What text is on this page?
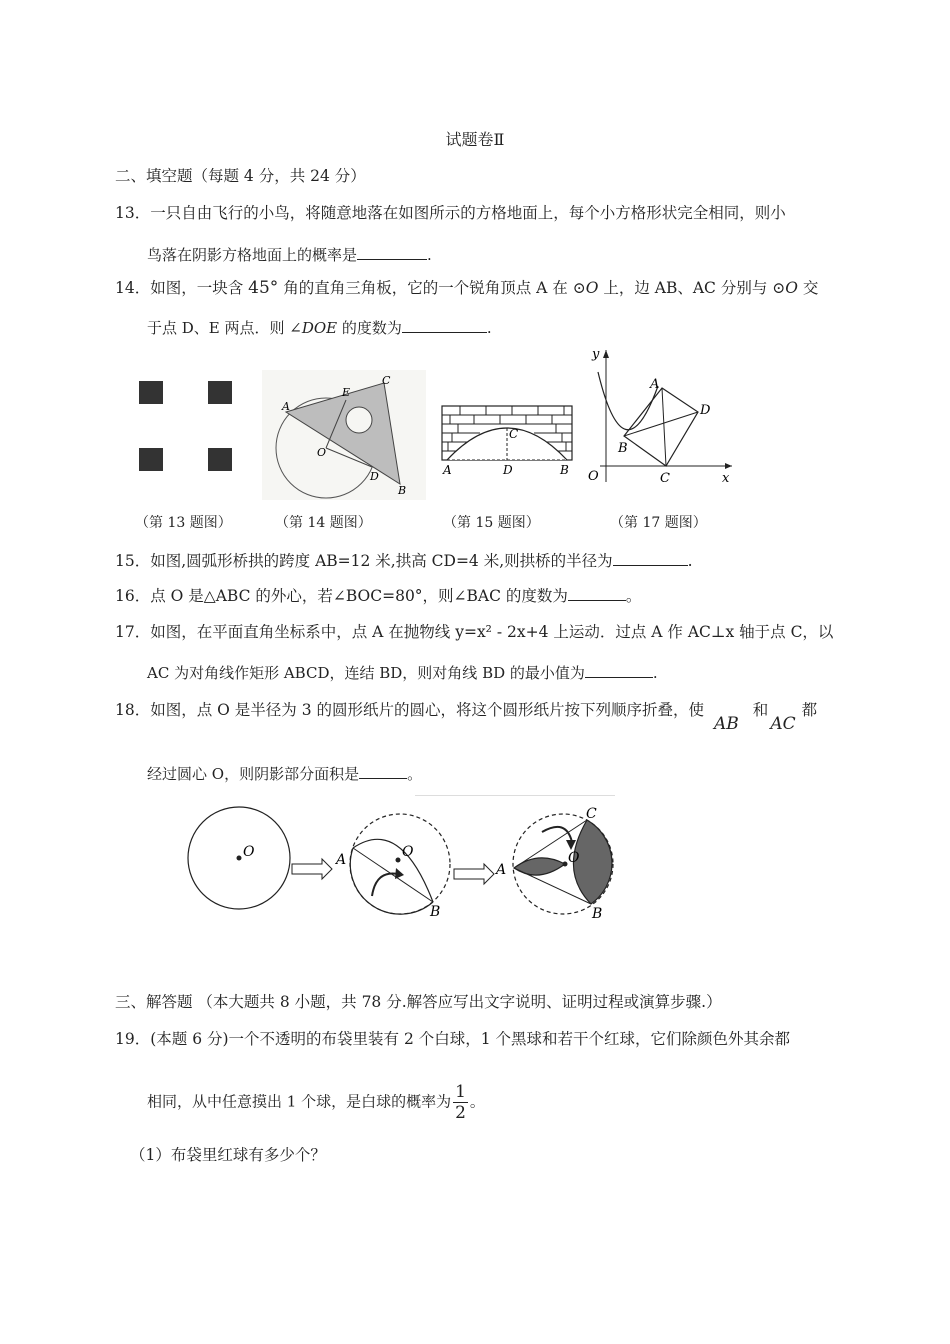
试题卷Ⅱ
二、填空题（每题 4 分，共 24 分）
13．一只自由飞行的小鸟，将随意地落在如图所示的方格地面上，每个小方格形状完全相同，则小
鸟落在阴影方格地面上的概率是	.
14．如图，一块含 45° 角的直角三角板，它的一个锐角顶点 A 在 ⊙O 上，边 AB、AC 分别与 ⊙O 交
于点 D、E 两点．则 ∠DOE 的度数为	.
A
E
C
O
D
B
A	D	B
C
y
x
O
A
B
C
D
（第 13 题图）	（第 14 题图）	（第 15 题图）	（第 17 题图）
15．如图,圆弧形桥拱的跨度 AB=12 米,拱高 CD=4 米,则拱桥的半径为	.
16．点 O 是△ABC 的外心，若∠BOC=80°，则∠BAC 的度数为	。
17．如图，在平面直角坐标系中，点 A 在抛物线 y=x² - 2x+4 上运动．过点 A 作 AC⊥x 轴于点 C，以
AC 为对角线作矩形 ABCD，连结 BD，则对角线 BD 的最小值为	.
18．如图，点 O 是半径为 3 的圆形纸片的圆心，将这个圆形纸片按下列顺序折叠，使AB和AC都
经过圆心 O，则阴影部分面积是	。
O	A	O
B
A
C
O
B
三、解答题 （本大题共 8 小题，共 78 分.解答应写出文字说明、证明过程或演算步骤.）
19．(本题 6 分)一个不透明的布袋里装有 2 个白球，1 个黑球和若干个红球，它们除颜色外其余都
相同，从中任意摸出 1 个球，是白球的概率为 $\frac{1}{2}$ 。
（1）布袋里红球有多少个？
